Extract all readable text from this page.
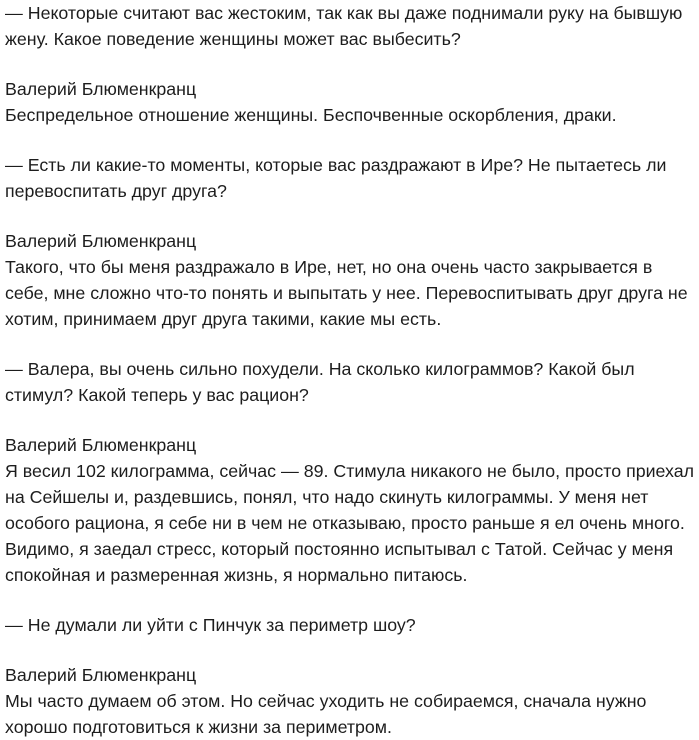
— Некоторые считают вас жестоким, так как вы даже поднимали руку на бывшую
жену. Какое поведение женщины может вас выбесить?
Валерий Блюменкранц
Беспредельное отношение женщины. Беспочвенные оскорбления, драки.
— Есть ли какие-то моменты, которые вас раздражают в Ире? Не пытаетесь ли
перевоспитать друг друга?
Валерий Блюменкранц
Такого, что бы меня раздражало в Ире, нет, но она очень часто закрывается в
себе, мне сложно что-то понять и выпытать у нее. Перевоспитывать друг друга не
хотим, принимаем друг друга такими, какие мы есть.
— Валера, вы очень сильно похудели. На сколько килограммов? Какой был
стимул? Какой теперь у вас рацион?
Валерий Блюменкранц
Я весил 102 килограмма, сейчас — 89. Стимула никакого не было, просто приехал
на Сейшелы и, раздевшись, понял, что надо скинуть килограммы. У меня нет
особого рациона, я себе ни в чем не отказываю, просто раньше я ел очень много.
Видимо, я заедал стресс, который постоянно испытывал с Татой. Сейчас у меня
спокойная и размеренная жизнь, я нормально питаюсь.
— Не думали ли уйти с Пинчук за периметр шоу?
Валерий Блюменкранц
Мы часто думаем об этом. Но сейчас уходить не собираемся, сначала нужно
хорошо подготовиться к жизни за периметром.
